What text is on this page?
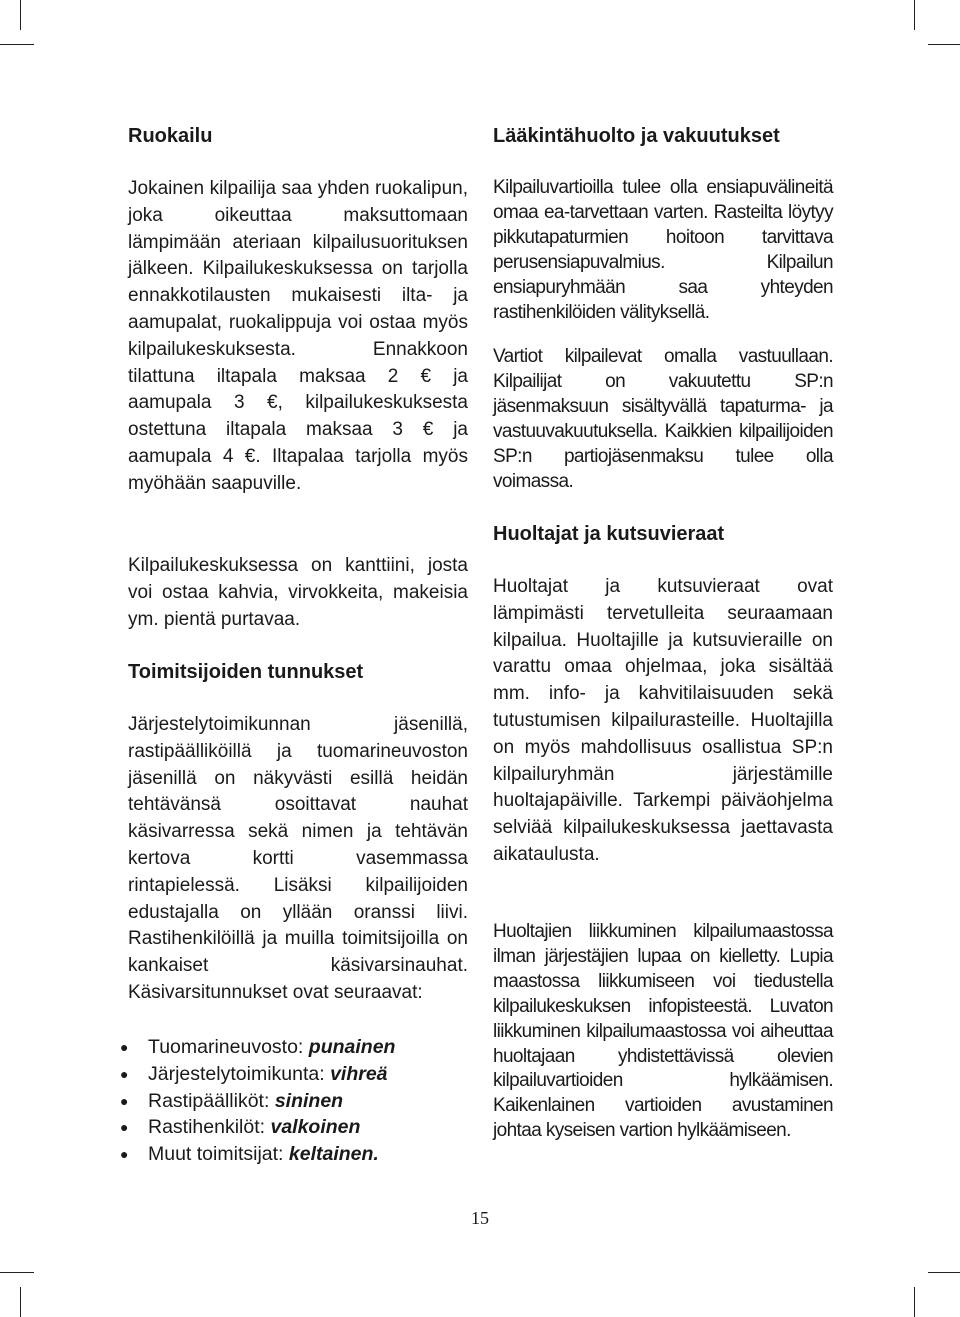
Ruokailu

Jokainen kilpailija saa yhden ruokalipun, joka oikeuttaa maksuttomaan lämpimään ateriaan kilpailusuorituksen jälkeen. Kilpailukeskuksessa on tarjolla ennakkotilausten mukaisesti ilta- ja aamupalat, ruokalippuja voi ostaa myös kilpailukeskuksesta. Ennakkoon tilattuna iltapala maksaa 2 € ja aamupala 3 €, kilpailukeskuksesta ostettuna iltapala maksaa 3 € ja aamupala 4 €. Iltapalaa tarjolla myös myöhään saapuville.

Kilpailukeskuksessa on kanttiini, josta voi ostaa kahvia, virvokkeita, makeisia ym. pientä purtavaa.

Toimitsijoiden tunnukset

Järjestelytoimikunnan jäsenillä, rastipäälliköillä ja tuomarineuvoston jäsenillä on näkyvästi esillä heidän tehtävänsä osoittavat nauhat käsivarressa sekä nimen ja tehtävän kertova kortti vasemmassa rintapielessä. Lisäksi kilpailijoiden edustajalla on yllään oranssi liivi. Rastihenkilöillä ja muilla toimitsijoilla on kankaiset käsivarsinauhat. Käsivarsitunnukset ovat seuraavat:

● Tuomarineuvosto: punainen
● Järjestelytoimikunta: vihreä
● Rastipäälliköt: sininen
● Rastihenkilöt: valkoinen
● Muut toimitsijat: keltainen.
Lääkintähuolto ja vakuutukset

Kilpailuvartioilla tulee olla ensiapuvälineitä omaa ea-tarvettaan varten. Rasteilta löytyy pikkutapaturmien hoitoon tarvittava perusensiapuvalmius. Kilpailun ensiapuryhmään saa yhteyden rastihenkilöiden välityksellä.

Vartiot kilpailevat omalla vastuullaan. Kilpailijat on vakuutettu SP:n jäsenmaksuun sisältyvällä tapaturma- ja vastuuvakuutuksella. Kaikkien kilpailijoiden SP:n partiojäsenmaksu tulee olla voimassa.

Huoltajat ja kutsuvieraat

Huoltajat ja kutsuvieraat ovat lämpimästi tervetulleita seuraamaan kilpailua. Huoltajille ja kutsuvieraille on varattu omaa ohjelmaa, joka sisältää mm. info- ja kahvitilaisuuden sekä tutustumisen kilpailurasteille. Huoltajilla on myös mahdollisuus osallistua SP:n kilpailuryhmän järjestämille huoltajapäiville. Tarkempi päiväohjelma selviää kilpailukeskuksessa jaettavasta aikataulusta.

Huoltajien liikkuminen kilpailumaastossa ilman järjestäjien lupaa on kielletty. Lupia maastossa liikkumiseen voi tiedustella kilpailukeskuksen infopisteestä. Luvaton liikkuminen kilpailumaastossa voi aiheuttaa huoltajaan yhdistettävissä olevien kilpailuvartioiden hylkäämisen. Kaikenlainen vartioiden avustaminen johtaa kyseisen vartion hylkäämiseen.

15
